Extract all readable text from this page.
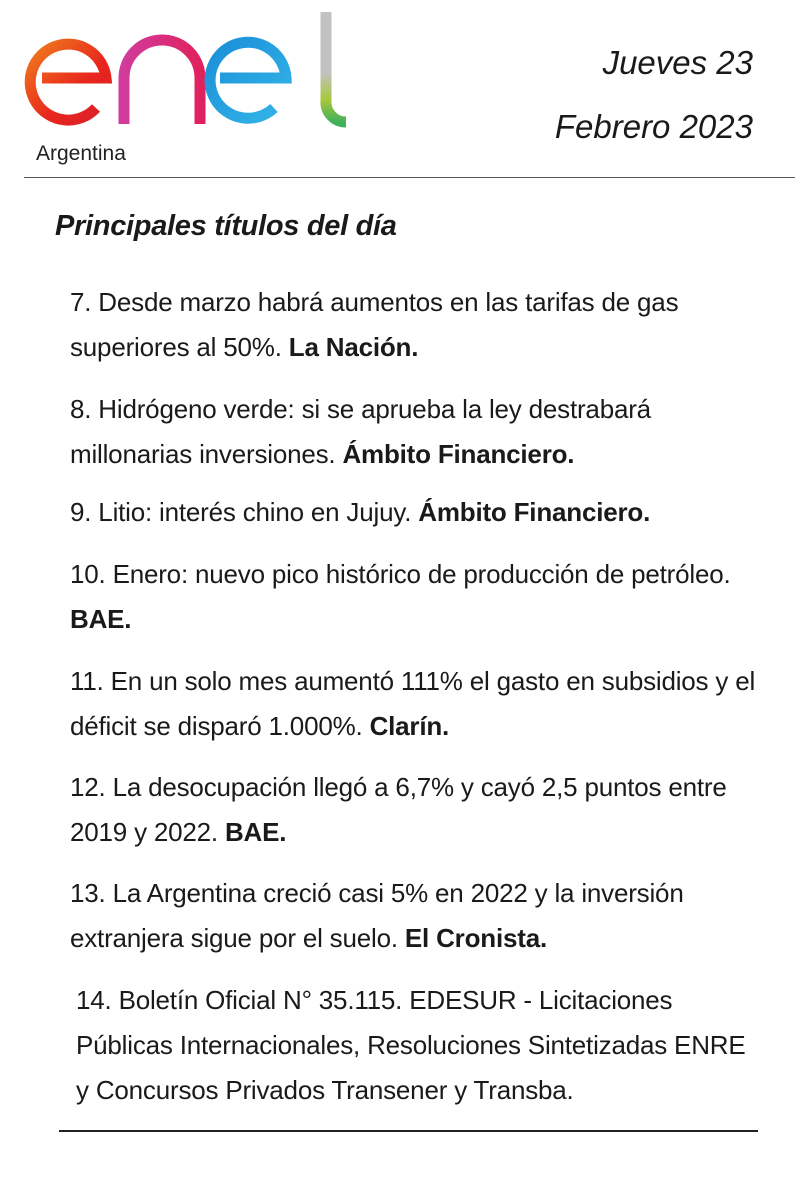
Argentina
Jueves 23
Febrero 2023
Principales títulos del día
7. Desde marzo habrá aumentos en las tarifas de gas superiores al 50%. La Nación.
8. Hidrógeno verde: si se aprueba la ley destrabará millonarias inversiones. Ámbito Financiero.
9. Litio: interés chino en Jujuy. Ámbito Financiero.
10. Enero: nuevo pico histórico de producción de petróleo. BAE.
11. En un solo mes aumentó 111% el gasto en subsidios y el déficit se disparó 1.000%. Clarín.
12. La desocupación llegó a 6,7% y cayó 2,5 puntos entre 2019 y 2022. BAE.
13. La Argentina creció casi 5% en 2022 y la inversión extranjera sigue por el suelo. El Cronista.
14. Boletín Oficial N° 35.115. EDESUR - Licitaciones Públicas Internacionales, Resoluciones Sintetizadas ENRE y Concursos Privados Transener y Transba.
